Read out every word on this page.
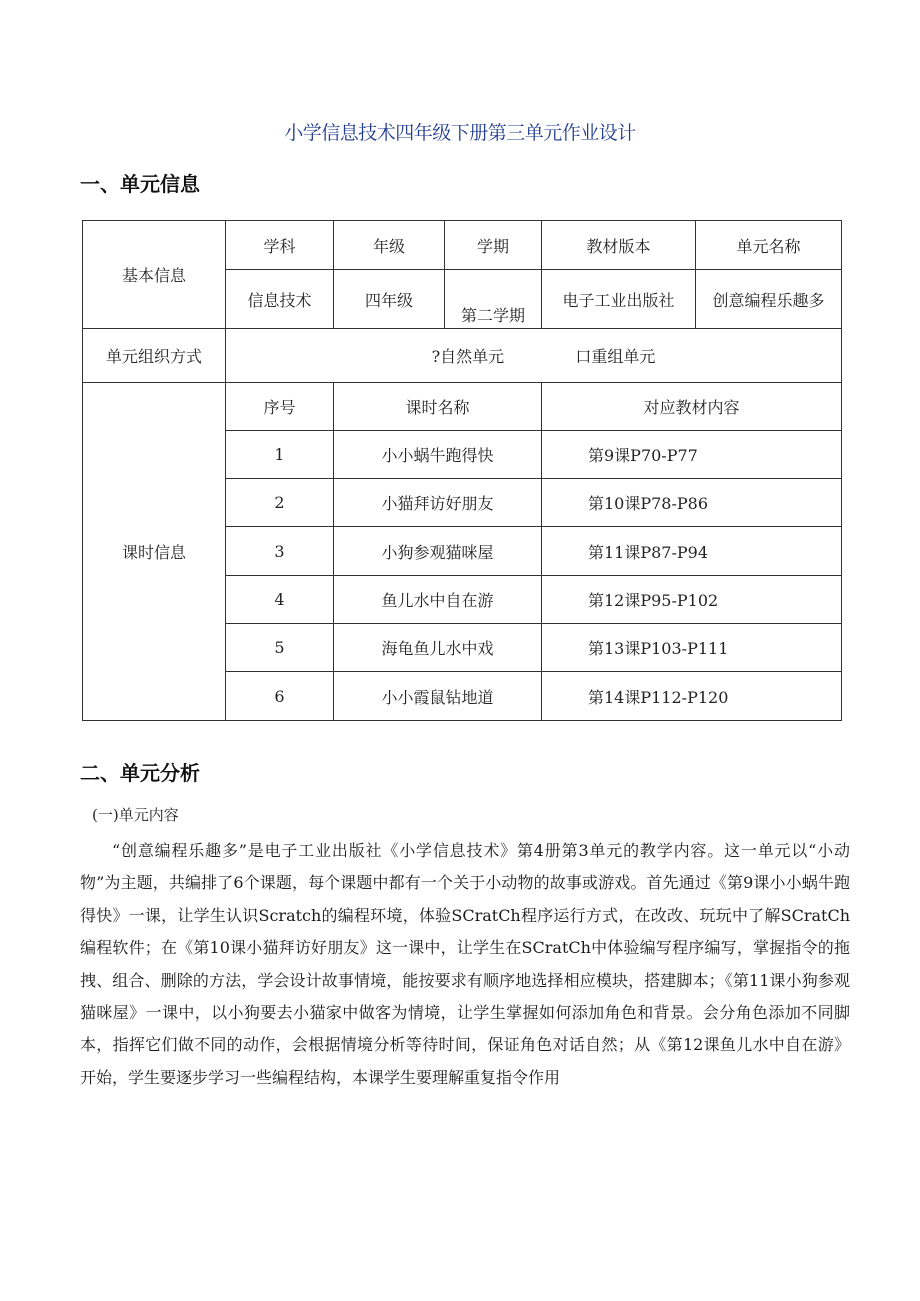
小学信息技术四年级下册第三单元作业设计
一、单元信息
基本信息	学科	年级	学期	教材版本	单元名称
	信息技术	四年级	第二学期	电子工业出版社	创意编程乐趣多
单元组织方式	?自然单元              口重组单元				
课时信息	序号	课时名称		对应教材内容	
	1	小小蜗牛跑得快		第9课P70-P77	
	2	小猫拜访好朋友		第10课P78-P86	
	3	小狗参观猫咪屋		第11课P87-P94	
	4	鱼儿水中自在游		第12课P95-P102	
	5	海龟鱼儿水中戏		第13课P103-P111	
	6	小小霞鼠钻地道		第14课P112-P120	
二、单元分析
(一)单元内容

“创意编程乐趣多”是电子工业出版社《小学信息技术》第4册第3单元的教学内容。这一单元以“小动物”为主题，共编排了6个课题，每个课题中都有一个关于小动物的故事或游戏。首先通过《第9课小小蜗牛跑得快》一课，让学生认识Scratch的编程环境，体验SCratCh程序运行方式，在改改、玩玩中了解SCratCh编程软件；在《第10课小猫拜访好朋友》这一课中，让学生在SCratCh中体验编写程序编写，掌握指令的拖拽、组合、删除的方法，学会设计故事情境，能按要求有顺序地选择相应模块，搭建脚本；《第11课小狗参观猫咪屋》一课中，以小狗要去小猫家中做客为情境，让学生掌握如何添加角色和背景。会分角色添加不同脚本，指挥它们做不同的动作，会根据情境分析等待时间，保证角色对话自然；从《第12课鱼儿水中自在游》开始，学生要逐步学习一些编程结构，本课学生要理解重复指令作用
